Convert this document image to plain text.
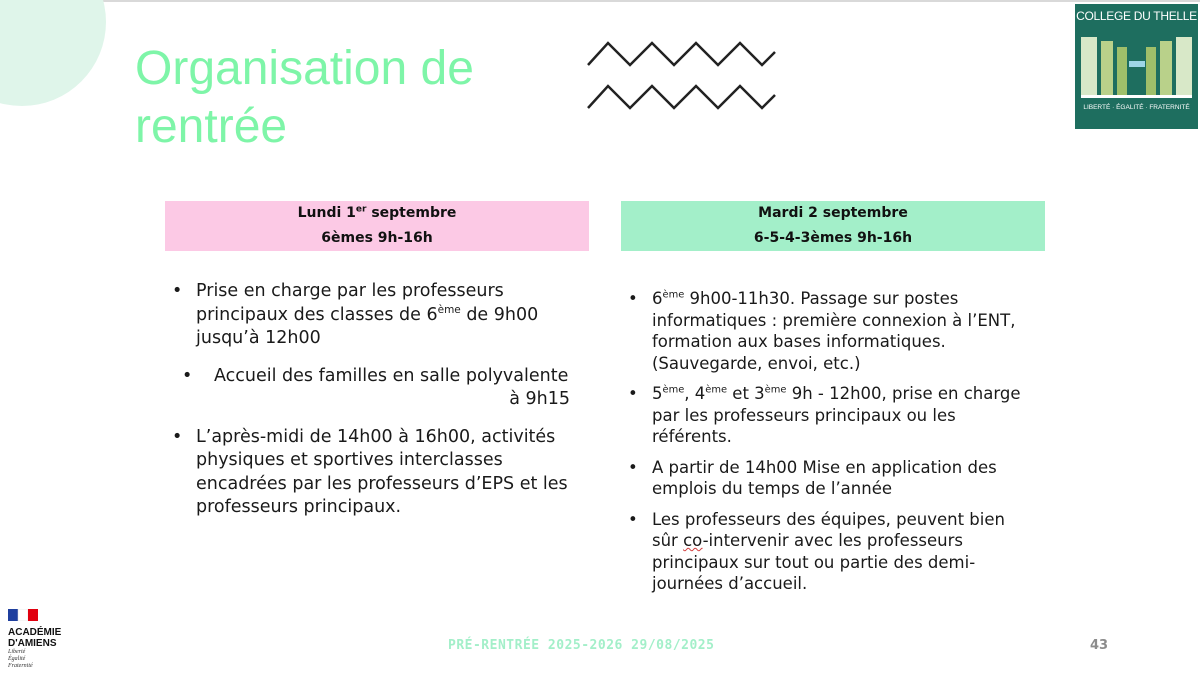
Organisation de rentrée
COLLEGE DU THELLE
LIBERTÉ · ÉGALITÉ · FRATERNITÉ
Lundi 1er septembre
6èmes 9h-16h
Mardi 2 septembre
6-5-4-3èmes 9h-16h
• Prise en charge par les professeurs principaux des classes de 6ème de 9h00 jusqu’à 12h00
• Accueil des familles en salle polyvalente
à 9h15
• L’après-midi de 14h00 à 16h00, activités physiques et sportives interclasses encadrées par les professeurs d’EPS et les professeurs principaux.
• 6ème 9h00-11h30. Passage sur postes informatiques : première connexion à l’ENT, formation aux bases informatiques. (Sauvegarde, envoi, etc.)
• 5ème, 4ème et 3ème 9h - 12h00, prise en charge par les professeurs principaux ou les référents.
• A partir de 14h00 Mise en application des emplois du temps de l’année
• Les professeurs des équipes, peuvent bien sûr co-intervenir avec les professeurs principaux sur tout ou partie des demi-journées d’accueil.
ACADÉMIE
D'AMIENS
Liberté
Égalité
Fraternité
PRÉ-RENTRÉE 2025-2026 29/08/2025	43
